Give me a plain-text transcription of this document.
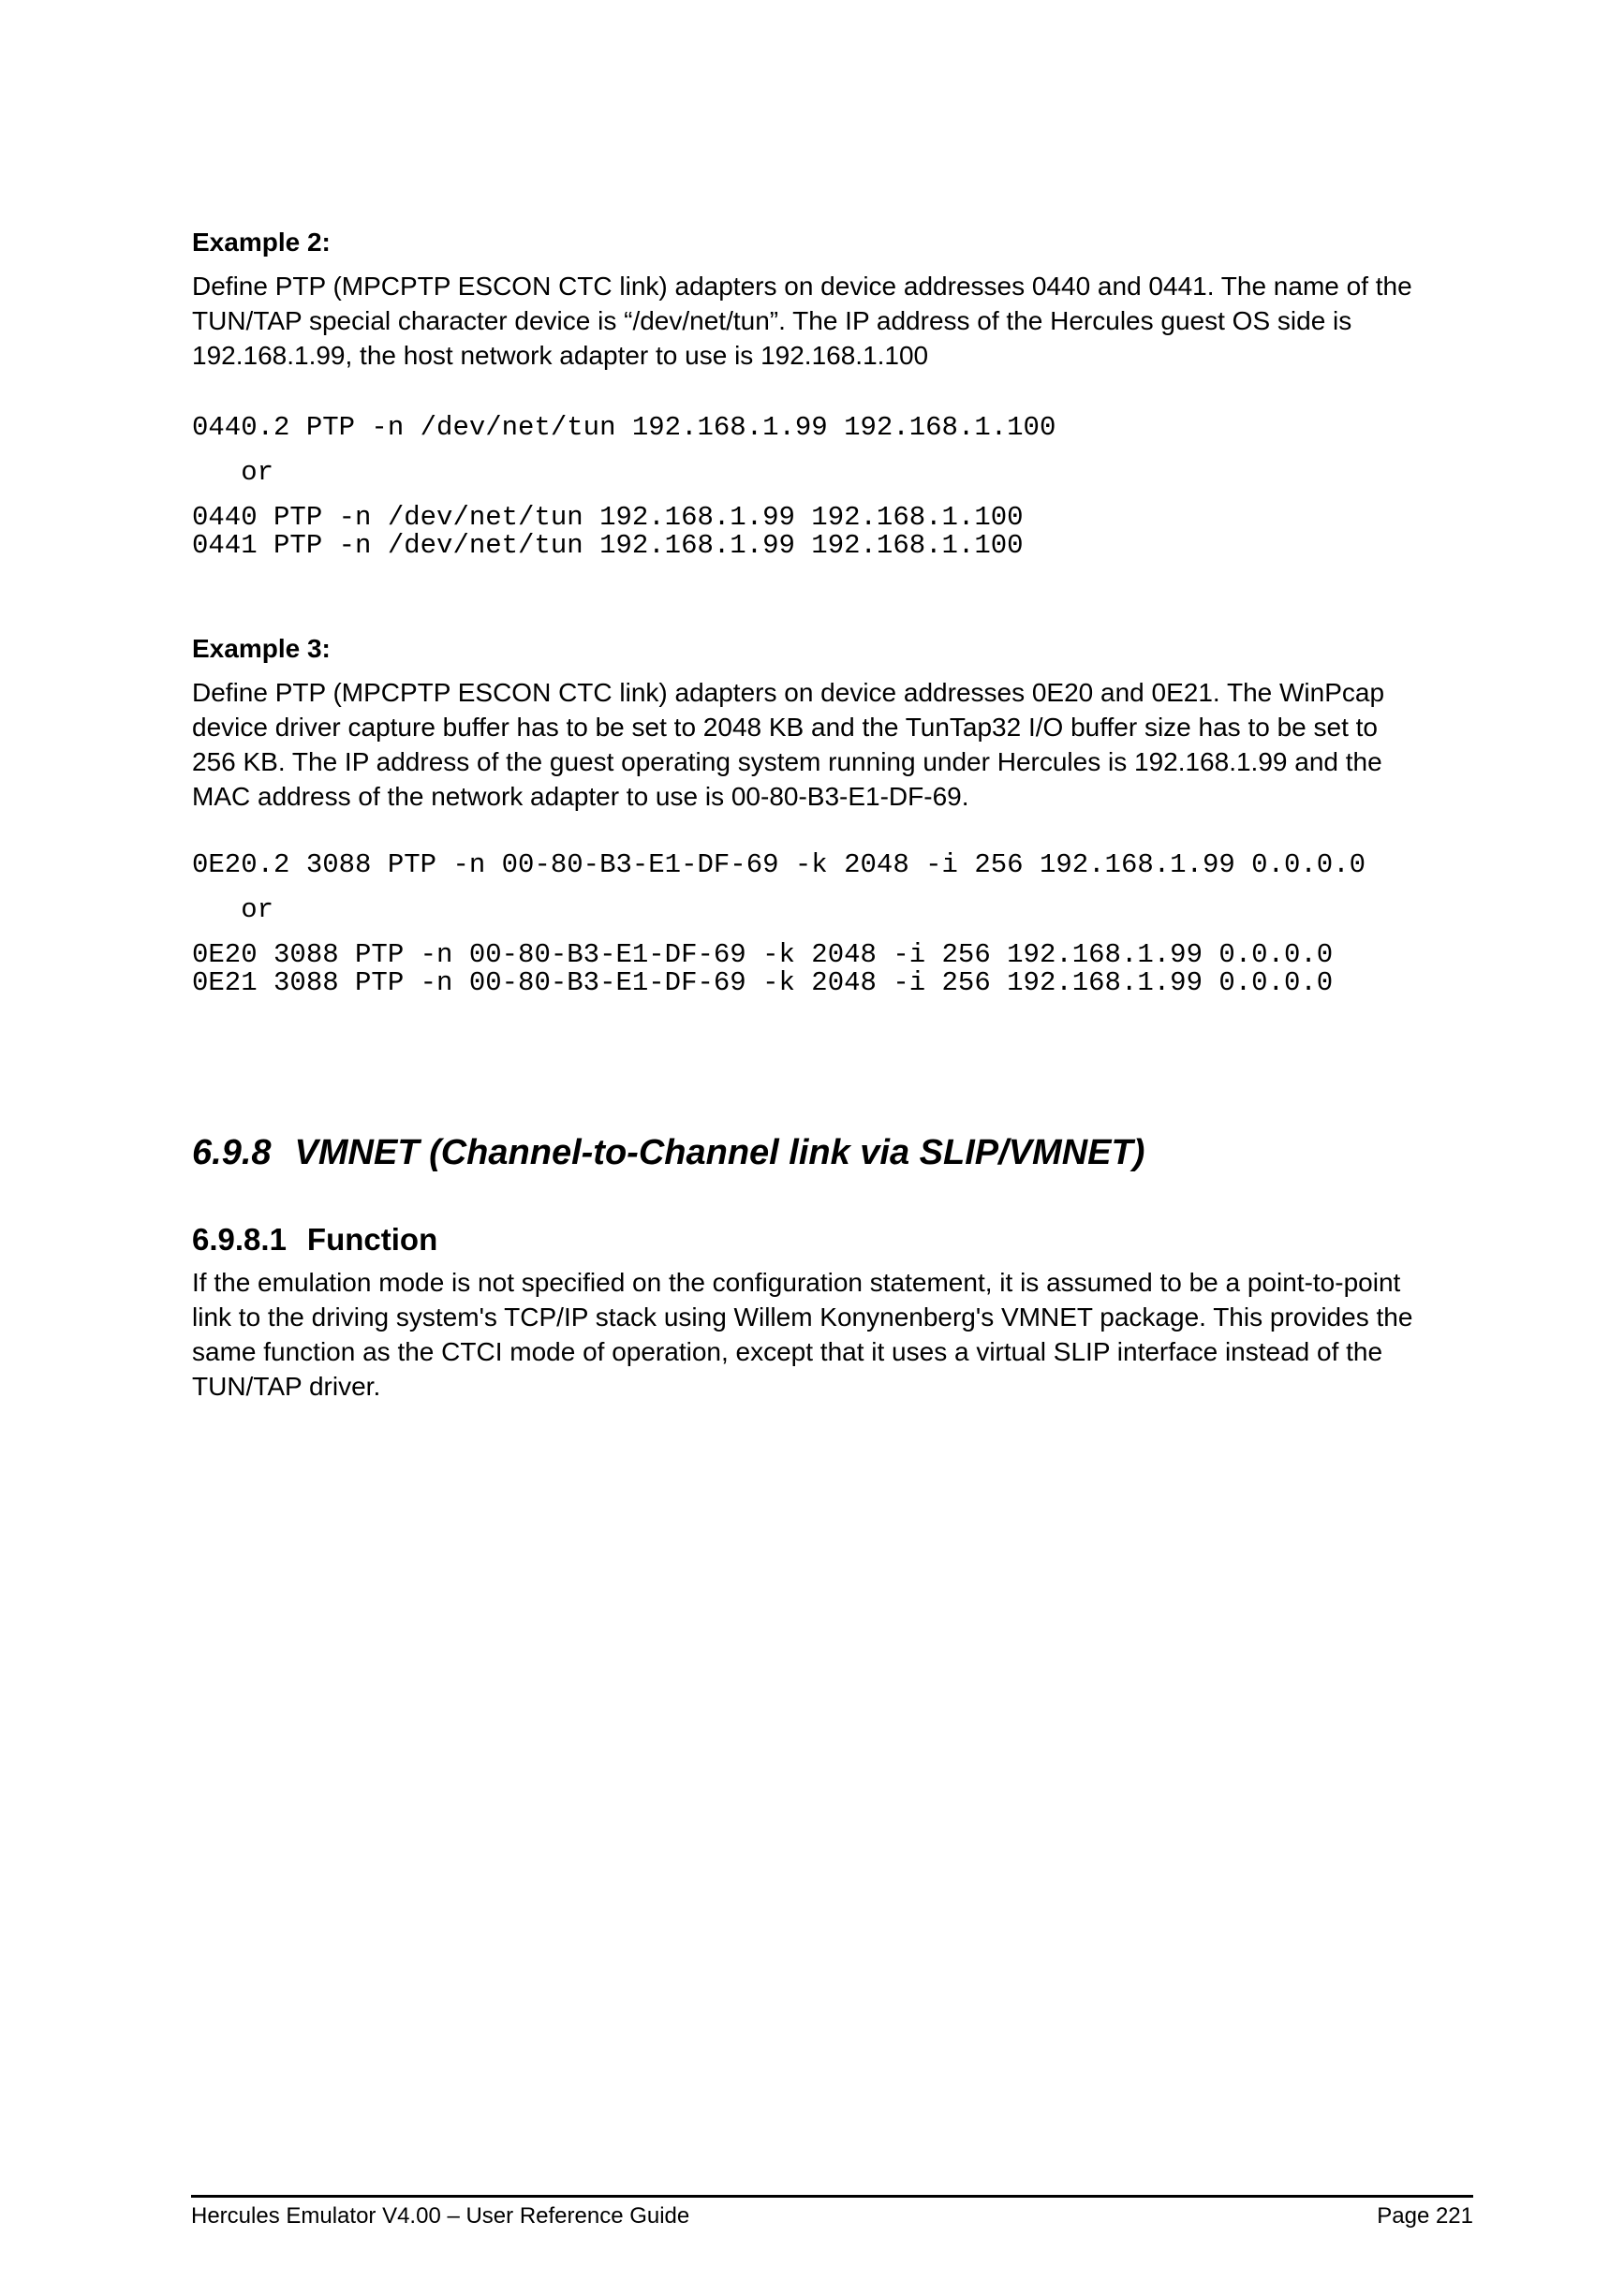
Example 2:

Define PTP (MPCPTP ESCON CTC link) adapters on device addresses 0440 and 0441. The name of the
TUN/TAP special character device is “/dev/net/tun”. The IP address of the Hercules guest OS side is
192.168.1.99, the host network adapter to use is 192.168.1.100
0440.2 PTP -n /dev/net/tun 192.168.1.99 192.168.1.100
or
0440 PTP -n /dev/net/tun 192.168.1.99 192.168.1.100
0441 PTP -n /dev/net/tun 192.168.1.99 192.168.1.100

Example 3:

Define PTP (MPCPTP ESCON CTC link) adapters on device addresses 0E20 and 0E21. The WinPcap
device driver capture buffer has to be set to 2048 KB and the TunTap32 I/O buffer size has to be set to
256 KB. The IP address of the guest operating system running under Hercules is 192.168.1.99 and the
MAC address of the network adapter to use is 00-80-B3-E1-DF-69.
0E20.2 3088 PTP -n 00-80-B3-E1-DF-69 -k 2048 -i 256 192.168.1.99 0.0.0.0
or
0E20 3088 PTP -n 00-80-B3-E1-DF-69 -k 2048 -i 256 192.168.1.99 0.0.0.0
0E21 3088 PTP -n 00-80-B3-E1-DF-69 -k 2048 -i 256 192.168.1.99 0.0.0.0
6.9.8 VMNET (Channel-to-Channel link via SLIP/VMNET)
6.9.8.1 Function
If the emulation mode is not specified on the configuration statement, it is assumed to be a point-to-point
link to the driving system's TCP/IP stack using Willem Konynenberg's VMNET package. This provides the
same function as the CTCI mode of operation, except that it uses a virtual SLIP interface instead of the
TUN/TAP driver.
Hercules Emulator V4.00 – User Reference Guide	Page 221
